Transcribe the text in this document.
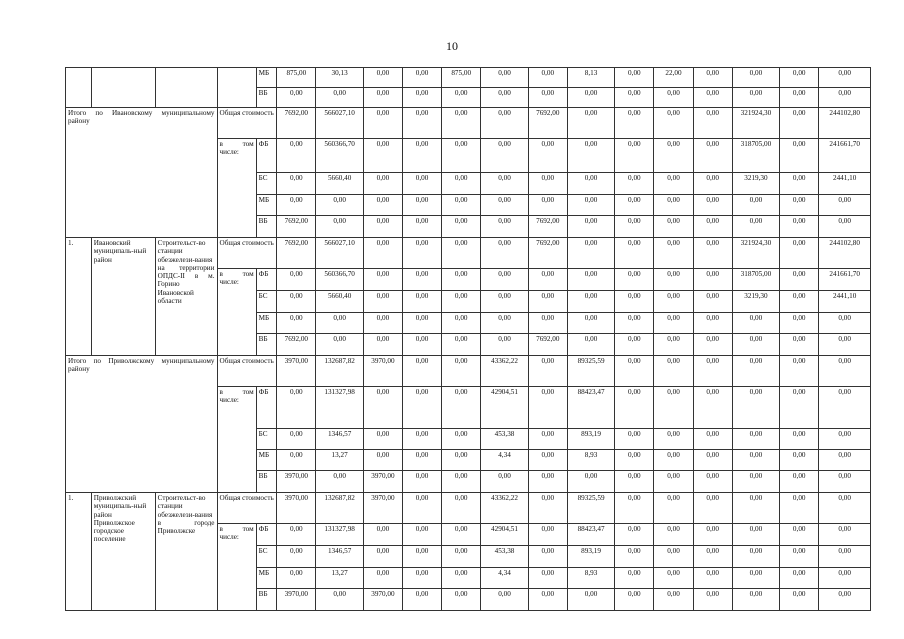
10
				МБ	875,00	30,13	0,00	0,00	875,00	0,00	0,00	8,13	0,00	22,00	0,00	0,00	0,00	0,00
				ВБ	0,00	0,00	0,00	0,00	0,00	0,00	0,00	0,00	0,00	0,00	0,00	0,00	0,00	0,00
Итого по Ивановскому муниципальному району			Общая стоимость		7692,00	566027,10	0,00	0,00	0,00	0,00	7692,00	0,00	0,00	0,00	0,00	321924,30	0,00	244102,80
			в том числе:	ФБ	0,00	560366,70	0,00	0,00	0,00	0,00	0,00	0,00	0,00	0,00	0,00	318705,00	0,00	241661,70
				БС	0,00	5660,40	0,00	0,00	0,00	0,00	0,00	0,00	0,00	0,00	0,00	3219,30	0,00	2441,10
				МБ	0,00	0,00	0,00	0,00	0,00	0,00	0,00	0,00	0,00	0,00	0,00	0,00	0,00	0,00
				ВБ	7692,00	0,00	0,00	0,00	0,00	0,00	7692,00	0,00	0,00	0,00	0,00	0,00	0,00	0,00
1.	Ивановский муниципаль-ный район	Строительст-во станции обезжелези-вания на территории ОПДС-II в м. Горино Ивановской области	Общая стоимость		7692,00	566027,10	0,00	0,00	0,00	0,00	7692,00	0,00	0,00	0,00	0,00	321924,30	0,00	244102,80
			в том числе:	ФБ	0,00	560366,70	0,00	0,00	0,00	0,00	0,00	0,00	0,00	0,00	0,00	318705,00	0,00	241661,70
				БС	0,00	5660,40	0,00	0,00	0,00	0,00	0,00	0,00	0,00	0,00	0,00	3219,30	0,00	2441,10
				МБ	0,00	0,00	0,00	0,00	0,00	0,00	0,00	0,00	0,00	0,00	0,00	0,00	0,00	0,00
				ВБ	7692,00	0,00	0,00	0,00	0,00	0,00	7692,00	0,00	0,00	0,00	0,00	0,00	0,00	0,00
Итого по Приволжскому муниципальному району			Общая стоимость		3970,00	132687,82	3970,00	0,00	0,00	43362,22	0,00	89325,59	0,00	0,00	0,00	0,00	0,00	0,00
			в том числе:	ФБ	0,00	131327,98	0,00	0,00	0,00	42904,51	0,00	88423,47	0,00	0,00	0,00	0,00	0,00	0,00
				БС	0,00	1346,57	0,00	0,00	0,00	453,38	0,00	893,19	0,00	0,00	0,00	0,00	0,00	0,00
				МБ	0,00	13,27	0,00	0,00	0,00	4,34	0,00	8,93	0,00	0,00	0,00	0,00	0,00	0,00
				ВБ	3970,00	0,00	3970,00	0,00	0,00	0,00	0,00	0,00	0,00	0,00	0,00	0,00	0,00	0,00
1.	Приволжский муниципаль-ный район Приволжское городское поселение	Строительст-во станции обезжелези-вания в городе Приволжске	Общая стоимость		3970,00	132687,82	3970,00	0,00	0,00	43362,22	0,00	89325,59	0,00	0,00	0,00	0,00	0,00	0,00
			в том числе:	ФБ	0,00	131327,98	0,00	0,00	0,00	42904,51	0,00	88423,47	0,00	0,00	0,00	0,00	0,00	0,00
				БС	0,00	1346,57	0,00	0,00	0,00	453,38	0,00	893,19	0,00	0,00	0,00	0,00	0,00	0,00
				МБ	0,00	13,27	0,00	0,00	0,00	4,34	0,00	8,93	0,00	0,00	0,00	0,00	0,00	0,00
				ВБ	3970,00	0,00	3970,00	0,00	0,00	0,00	0,00	0,00	0,00	0,00	0,00	0,00	0,00	0,00
